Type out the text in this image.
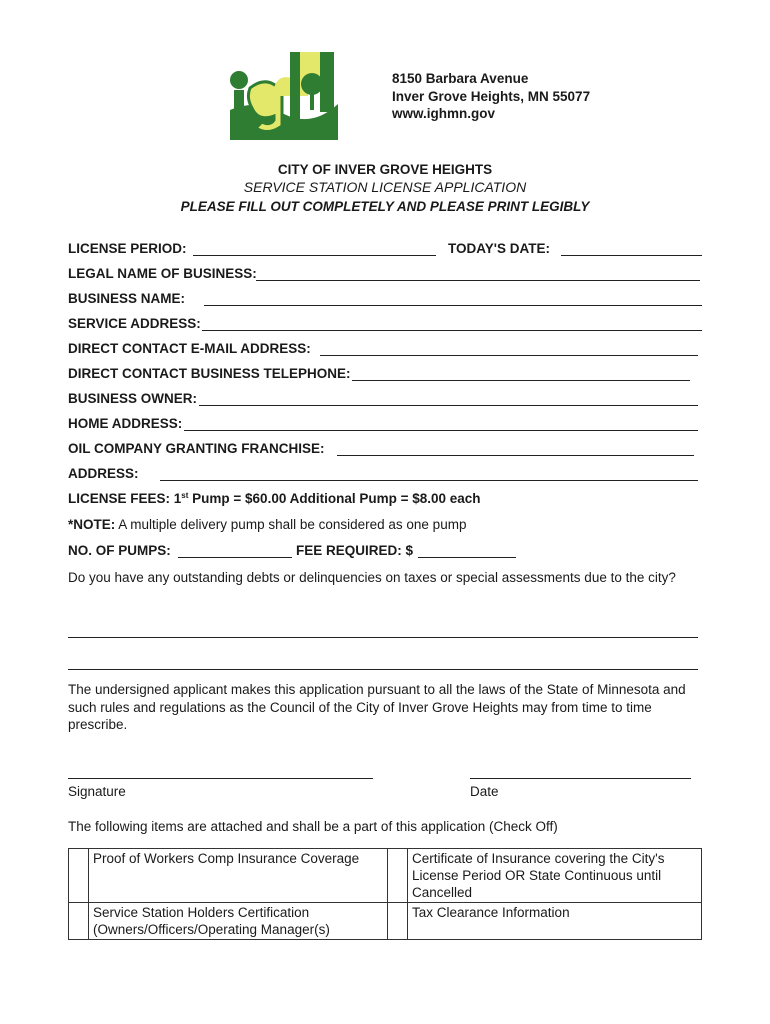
8150 Barbara Avenue
Inver Grove Heights, MN 55077
www.ighmn.gov
CITY OF INVER GROVE HEIGHTS
SERVICE STATION LICENSE APPLICATION
PLEASE FILL OUT COMPLETELY AND PLEASE PRINT LEGIBLY
LICENSE PERIOD:	TODAY'S DATE:
LEGAL NAME OF BUSINESS:
BUSINESS NAME:
SERVICE ADDRESS:
DIRECT CONTACT E-MAIL ADDRESS:
DIRECT CONTACT BUSINESS TELEPHONE:
BUSINESS OWNER:
HOME ADDRESS:
OIL COMPANY GRANTING FRANCHISE:
ADDRESS:
LICENSE FEES: 1st Pump = $60.00 Additional Pump = $8.00 each
*NOTE: A multiple delivery pump shall be considered as one pump
NO. OF PUMPS:	FEE REQUIRED: $
Do you have any outstanding debts or delinquencies on taxes or special assessments due to the city?
The undersigned applicant makes this application pursuant to all the laws of the State of Minnesota and such rules and regulations as the Council of the City of Inver Grove Heights may from time to time prescribe.
Signature	Date
The following items are attached and shall be a part of this application (Check Off)
	Proof of Workers Comp Insurance Coverage		Certificate of Insurance covering the City's License Period OR State Continuous until Cancelled
	Service Station Holders Certification (Owners/Officers/Operating Manager(s)		Tax Clearance Information
